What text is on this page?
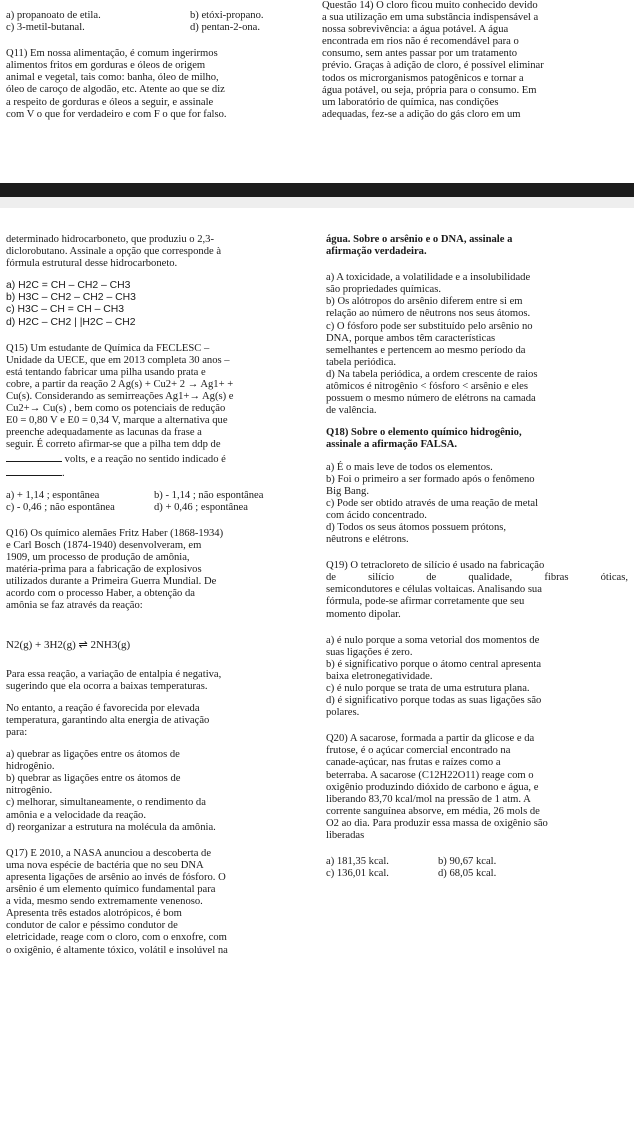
a) propanoato de etila.	b) etóxi-propano.
c) 3-metil-butanal.	d) pentan-2-ona.

Q11) Em nossa alimentação, é comum ingerirmos

alimentos fritos em gorduras e óleos de origem

animal e vegetal, tais como: banha, óleo de milho,

óleo de caroço de algodão, etc. Atente ao que se diz

a respeito de gorduras e óleos a seguir, e assinale

com V o que for verdadeiro e com F o que for falso.

Questão 14) O cloro ficou muito conhecido devido

a sua utilização em uma substância indispensável a

nossa sobrevivência: a água potável. A água

encontrada em rios não é recomendável para o

consumo, sem antes passar por um tratamento

prévio. Graças à adição de cloro, é possível eliminar

todos os microrganismos patogênicos e tornar a

água potável, ou seja, própria para o consumo. Em

um laboratório de química, nas condições

adequadas, fez-se a adição do gás cloro em um

determinado hidrocarboneto, que produziu o 2,3-

diclorobutano. Assinale a opção que corresponde à

fórmula estrutural desse hidrocarboneto.

a) H2C = CH – CH2 – CH3

b) H3C – CH2 – CH2 – CH3

c) H3C – CH = CH – CH3

d) H2C – CH2 | |H2C – CH2

Q15) Um estudante de Química da FECLESC –

Unidade da UECE, que em 2013 completa 30 anos –

está tentando fabricar uma pilha usando prata e

cobre, a partir da reação 2 Ag(s) + Cu2+ 2 → Ag1+ +

Cu(s). Considerando as semirreações Ag1+→ Ag(s) e

Cu2+→ Cu(s) , bem como os potenciais de redução

E0 = 0,80 V e E0 = 0,34 V, marque a alternativa que

preenche adequadamente as lacunas da frase a

seguir. É correto afirmar-se que a pilha tem ddp de

volts, e a reação no sentido indicado é

.

a) + 1,14 ; espontânea	b) - 1,14 ; não espontânea
c) - 0,46 ; não espontânea	d) + 0,46 ; espontânea

Q16) Os químico alemães Fritz Haber (1868-1934)

e Carl Bosch (1874-1940) desenvolveram, em

1909, um processo de produção de amônia,

matéria-prima para a fabricação de explosivos

utilizados durante a Primeira Guerra Mundial. De

acordo com o processo Haber, a obtenção da

amônia se faz através da reação:

N2(g) + 3H2(g) ⇌ 2NH3(g)

Para essa reação, a variação de entalpia é negativa,

sugerindo que ela ocorra a baixas temperaturas.

No entanto, a reação é favorecida por elevada

temperatura, garantindo alta energia de ativação

para:

a) quebrar as ligações entre os átomos de

hidrogênio.

b) quebrar as ligações entre os átomos de

nitrogênio.

c) melhorar, simultaneamente, o rendimento da

amônia e a velocidade da reação.

d) reorganizar a estrutura na molécula da amônia.

Q17) E 2010, a NASA anunciou a descoberta de

uma nova espécie de bactéria que no seu DNA

apresenta ligações de arsênio ao invés de fósforo. O

arsênio é um elemento químico fundamental para

a vida, mesmo sendo extremamente venenoso.

Apresenta três estados alotrópicos, é bom

condutor de calor e péssimo condutor de

eletricidade, reage com o cloro, com o enxofre, com

o oxigênio, é altamente tóxico, volátil e insolúvel na

água. Sobre o arsênio e o DNA, assinale a

afirmação verdadeira.

a) A toxicidade, a volatilidade e a insolubilidade

são propriedades químicas.

b) Os alótropos do arsênio diferem entre si em

relação ao número de nêutrons nos seus átomos.

c) O fósforo pode ser substituído pelo arsênio no

DNA, porque ambos têm características

semelhantes e pertencem ao mesmo período da

tabela periódica.

d) Na tabela periódica, a ordem crescente de raios

atômicos é nitrogênio < fósforo < arsênio e eles

possuem o mesmo número de elétrons na camada

de valência.

Q18) Sobre o elemento químico hidrogênio,

assinale a afirmação FALSA.

a) É o mais leve de todos os elementos.

b) Foi o primeiro a ser formado após o fenômeno

Big Bang.

c) Pode ser obtido através de uma reação de metal

com ácido concentrado.

d) Todos os seus átomos possuem prótons,

nêutrons e elétrons.

Q19) O tetracloreto de silício é usado na fabricação

de silício de qualidade, fibras óticas,

semicondutores e células voltaicas. Analisando sua

fórmula, pode-se afirmar corretamente que seu

momento dipolar.

a) é nulo porque a soma vetorial dos momentos de

suas ligações é zero.

b) é significativo porque o átomo central apresenta

baixa eletronegatividade.

c) é nulo porque se trata de uma estrutura plana.

d) é significativo porque todas as suas ligações são

polares.

Q20) A sacarose, formada a partir da glicose e da

frutose, é o açúcar comercial encontrado na

canade-açúcar, nas frutas e raízes como a

beterraba. A sacarose (C12H22O11) reage com o

oxigênio produzindo dióxido de carbono e água, e

liberando 83,70 kcal/mol na pressão de 1 atm. A

corrente sanguínea absorve, em média, 26 mols de

O2 ao dia. Para produzir essa massa de oxigênio são

liberadas

a) 181,35 kcal.	b) 90,67 kcal.
c) 136,01 kcal.	d) 68,05 kcal.
